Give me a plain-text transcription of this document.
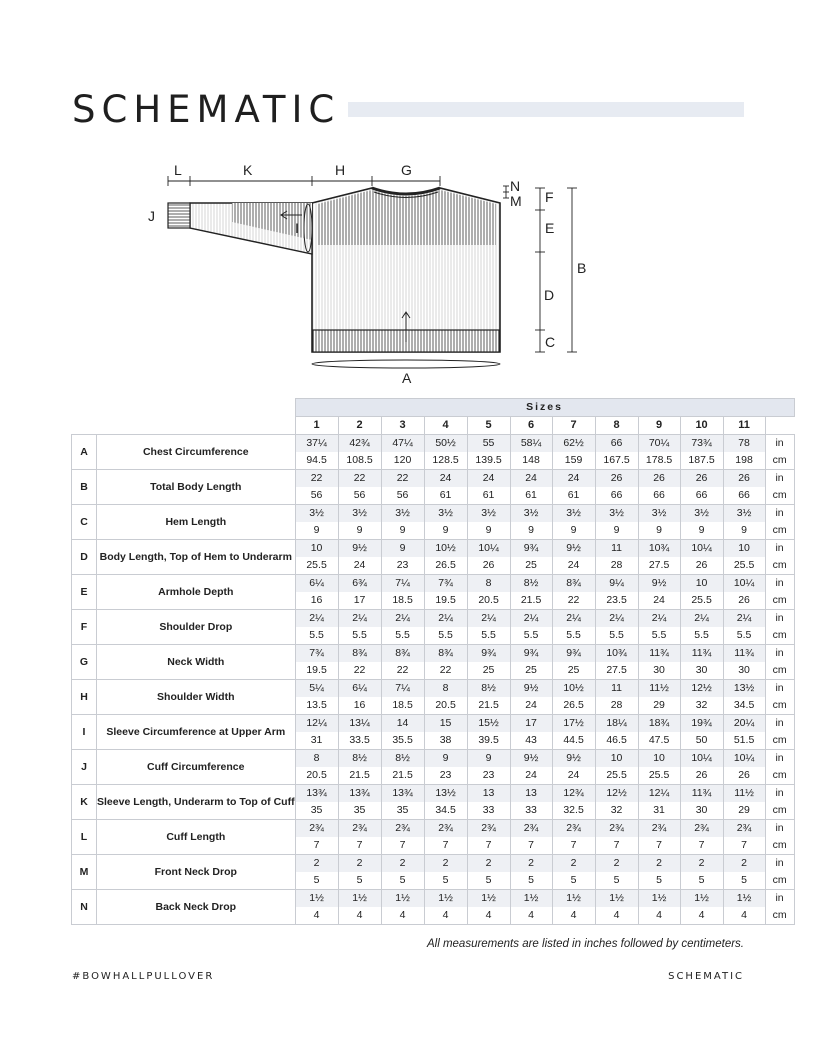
SCHEMATIC
L	K	H	G
N
M F
E
D
C
B
A
J
I
		Sizes											
		1	2	3	4	5	6	7	8	9	10	11	
A	Chest Circumference	37¼	42¾	47¼	50½	55	58¼	62½	66	70¼	73¾	78	in
		94.5	108.5	120	128.5	139.5	148	159	167.5	178.5	187.5	198	cm
B	Total Body Length	22	22	22	24	24	24	24	26	26	26	26	in
		56	56	56	61	61	61	61	66	66	66	66	cm
C	Hem Length	3½	3½	3½	3½	3½	3½	3½	3½	3½	3½	3½	in
		9	9	9	9	9	9	9	9	9	9	9	cm
D	Body Length, Top of Hem to Underarm	10	9½	9	10½	10¼	9¾	9½	11	10¾	10¼	10	in
		25.5	24	23	26.5	26	25	24	28	27.5	26	25.5	cm
E	Armhole Depth	6¼	6¾	7¼	7¾	8	8½	8¾	9¼	9½	10	10¼	in
		16	17	18.5	19.5	20.5	21.5	22	23.5	24	25.5	26	cm
F	Shoulder Drop	2¼	2¼	2¼	2¼	2¼	2¼	2¼	2¼	2¼	2¼	2¼	in
		5.5	5.5	5.5	5.5	5.5	5.5	5.5	5.5	5.5	5.5	5.5	cm
G	Neck Width	7¾	8¾	8¾	8¾	9¾	9¾	9¾	10¾	11¾	11¾	11¾	in
		19.5	22	22	22	25	25	25	27.5	30	30	30	cm
H	Shoulder Width	5¼	6¼	7¼	8	8½	9½	10½	11	11½	12½	13½	in
		13.5	16	18.5	20.5	21.5	24	26.5	28	29	32	34.5	cm
I	Sleeve Circumference at Upper Arm	12¼	13¼	14	15	15½	17	17½	18¼	18¾	19¾	20¼	in
		31	33.5	35.5	38	39.5	43	44.5	46.5	47.5	50	51.5	cm
J	Cuff Circumference	8	8½	8½	9	9	9½	9½	10	10	10¼	10¼	in
		20.5	21.5	21.5	23	23	24	24	25.5	25.5	26	26	cm
K	Sleeve Length, Underarm to Top of Cuff	13¾	13¾	13¾	13½	13	13	12¾	12½	12¼	11¾	11½	in
		35	35	35	34.5	33	33	32.5	32	31	30	29	cm
L	Cuff Length	2¾	2¾	2¾	2¾	2¾	2¾	2¾	2¾	2¾	2¾	2¾	in
		7	7	7	7	7	7	7	7	7	7	7	cm
M	Front Neck Drop	2	2	2	2	2	2	2	2	2	2	2	in
		5	5	5	5	5	5	5	5	5	5	5	cm
N	Back Neck Drop	1½	1½	1½	1½	1½	1½	1½	1½	1½	1½	1½	in
		4	4	4	4	4	4	4	4	4	4	4	cm
All measurements are listed in inches followed by centimeters.
#BOWHALLPULLOVER	SCHEMATIC
